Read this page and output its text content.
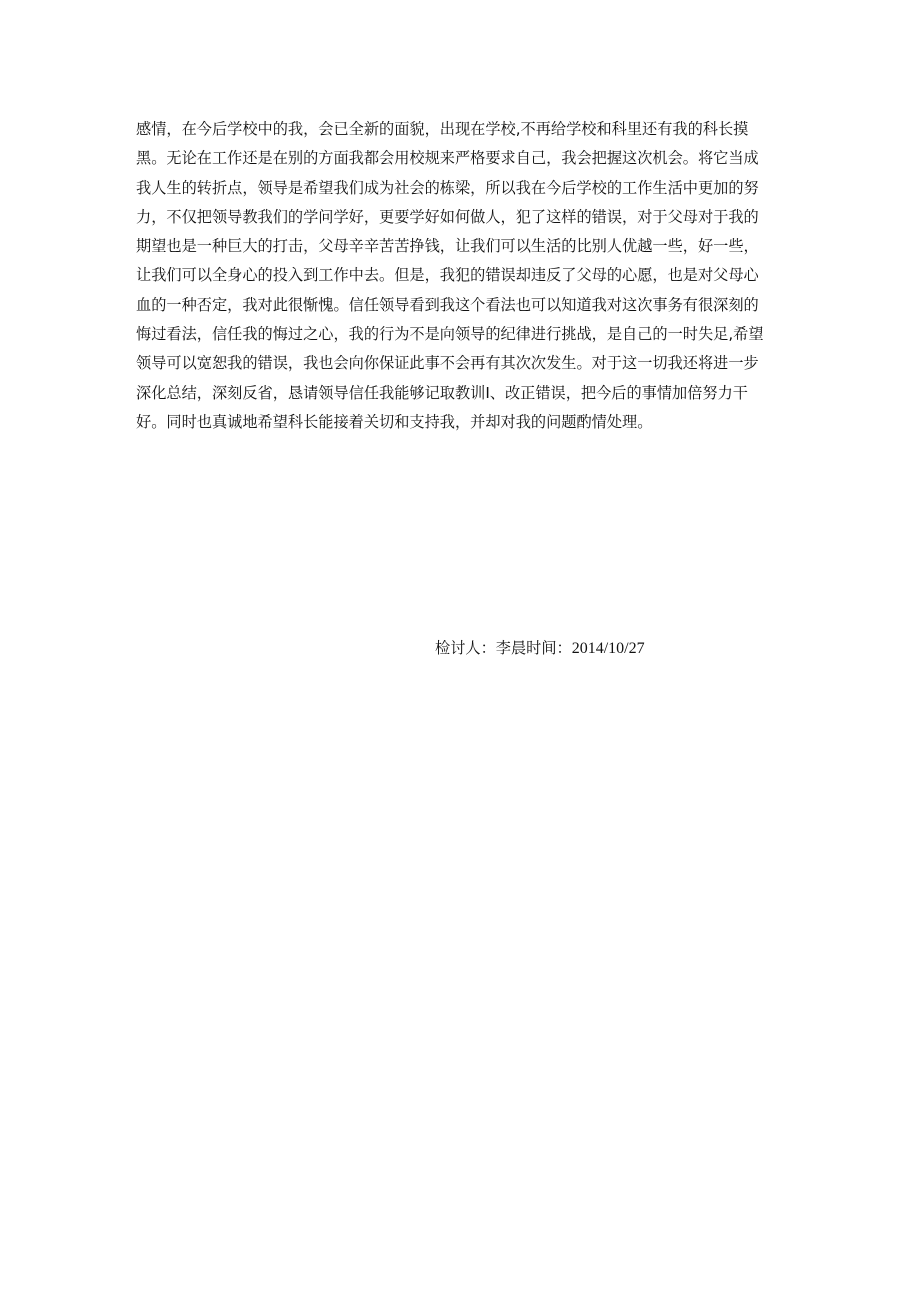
感情，在今后学校中的我，会已全新的面貌，出现在学校,不再给学校和科里还有我的科长摸
黑。无论在工作还是在别的方面我都会用校规来严格要求自己，我会把握这次机会。将它当成
我人生的转折点，领导是希望我们成为社会的栋梁，所以我在今后学校的工作生活中更加的努
力，不仅把领导教我们的学问学好，更要学好如何做人，犯了这样的错误，对于父母对于我的
期望也是一种巨大的打击，父母辛辛苦苦挣钱，让我们可以生活的比别人优越一些，好一些，
让我们可以全身心的投入到工作中去。但是，我犯的错误却违反了父母的心愿，也是对父母心
血的一种否定，我对此很惭愧。信任领导看到我这个看法也可以知道我对这次事务有很深刻的
悔过看法，信任我的悔过之心，我的行为不是向领导的纪律进行挑战，是自己的一时失足,希望
领导可以宽恕我的错误，我也会向你保证此事不会再有其次次发生。对于这一切我还将进一步
深化总结，深刻反省，恳请领导信任我能够记取教训I、改正错误，把今后的事情加倍努力干
好。同时也真诚地希望科长能接着关切和支持我，并却对我的问题酌情处理。
检讨人：李晨时间：2014/10/27
